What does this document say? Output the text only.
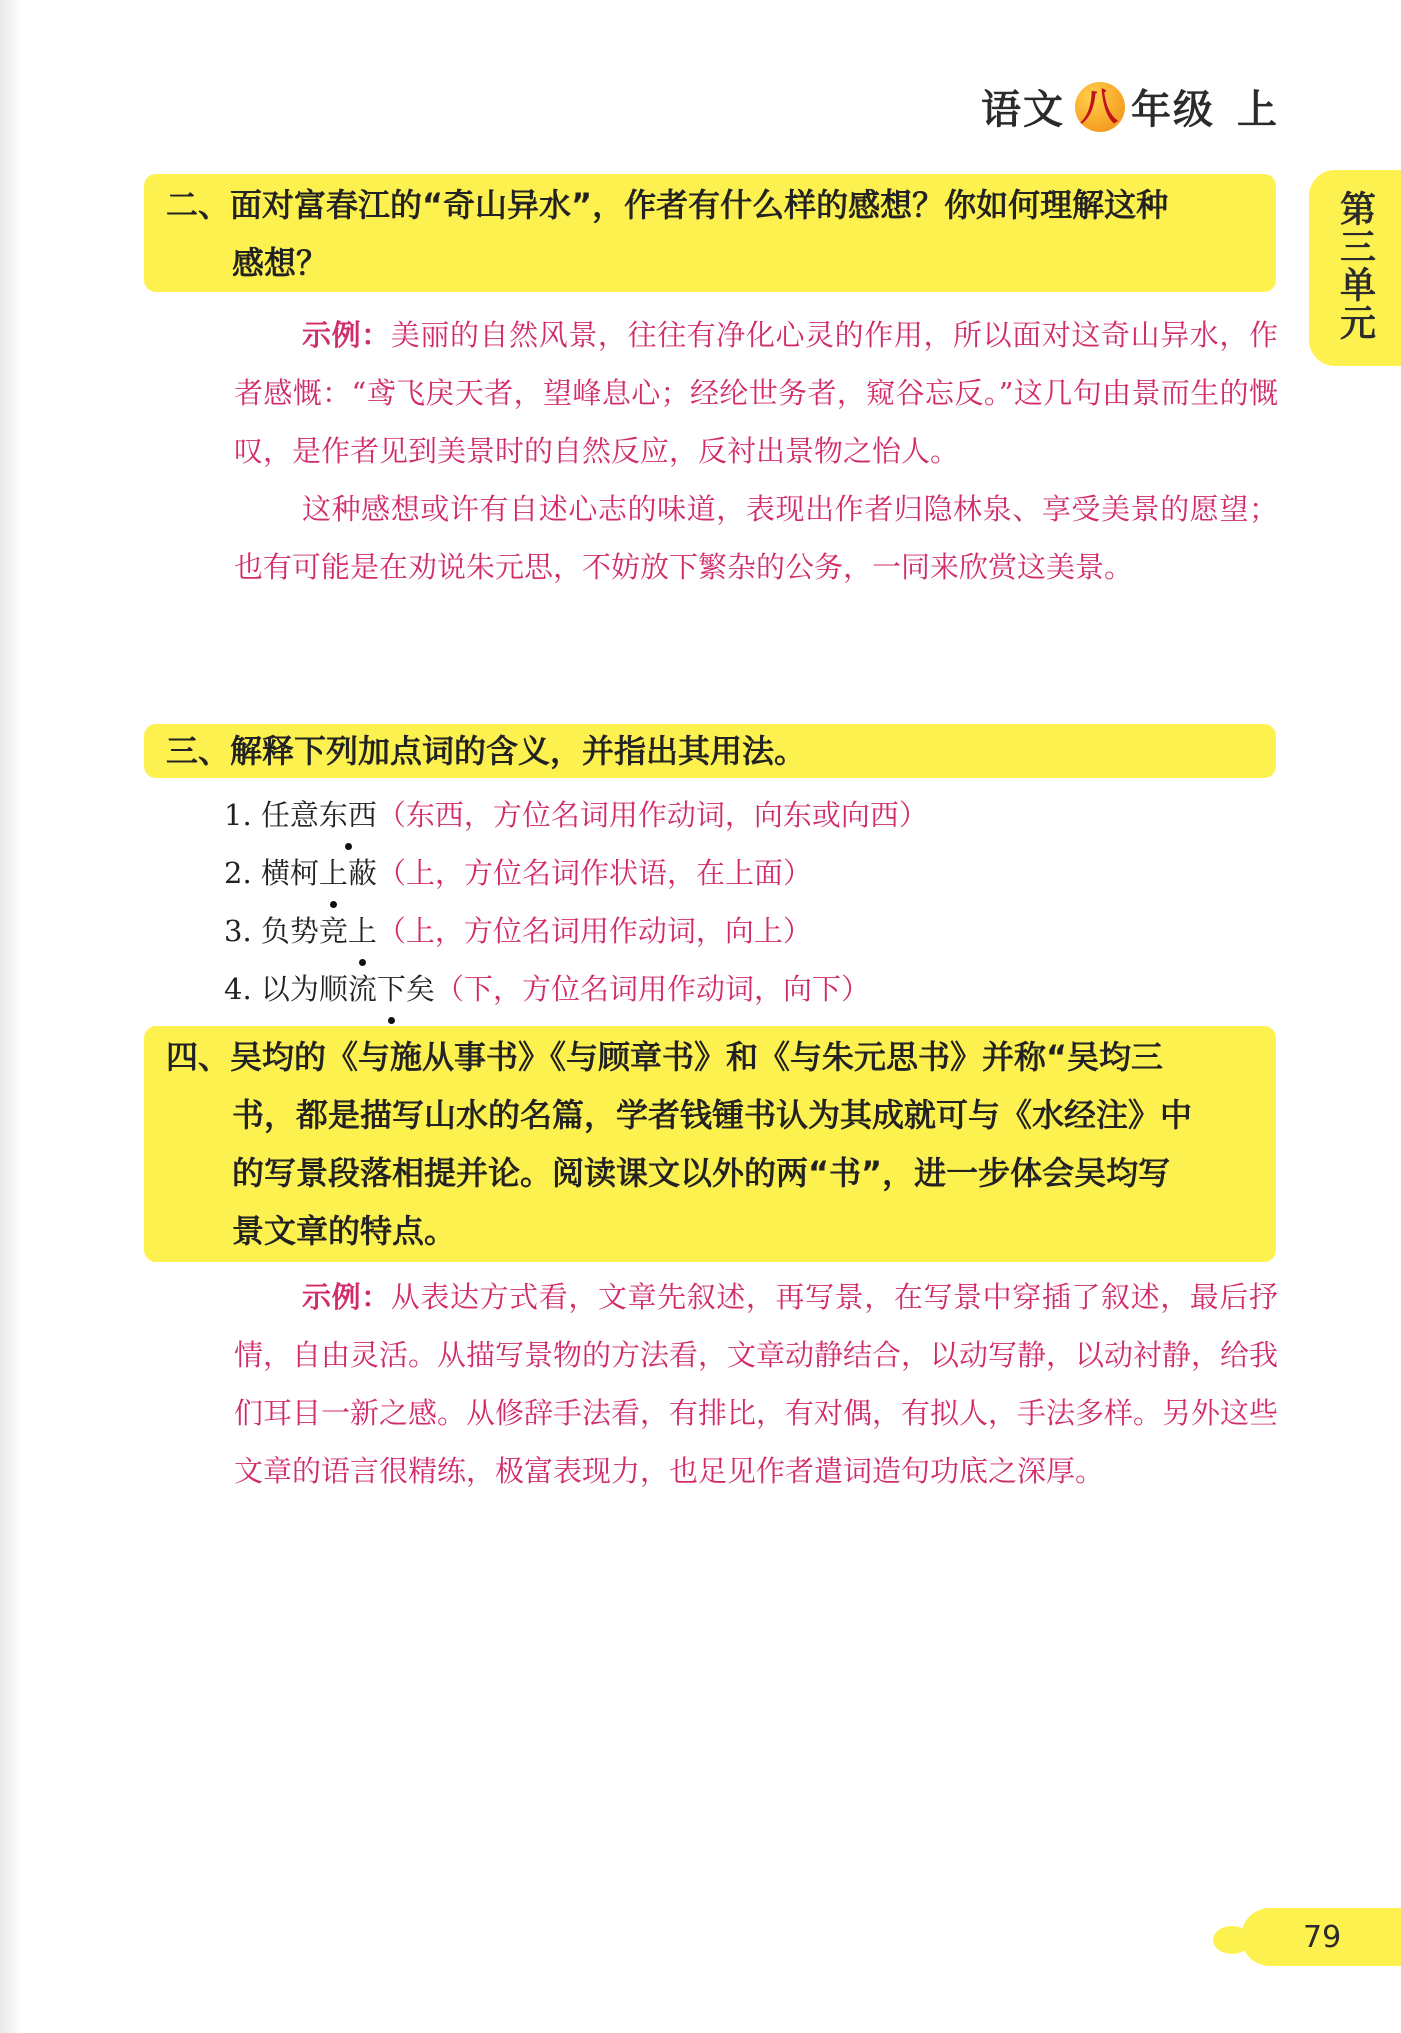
语文 八 年级 上
第三单元
二、面对富春江的“奇山异水”，作者有什么样的感想？你如何理解这种
感想？

示例：美丽的自然风景，往往有净化心灵的作用，所以面对这奇山异水，作者感慨：“鸢飞戾天者，望峰息心；经纶世务者，窥谷忘反。”这几句由景而生的慨叹，是作者见到美景时的自然反应，反衬出景物之怡人。

这种感想或许有自述心志的味道，表现出作者归隐林泉、享受美景的愿望；也有可能是在劝说朱元思，不妨放下繁杂的公务，一同来欣赏这美景。

三、解释下列加点词的含义，并指出其用法。
1. 任意东西（东西，方位名词用作动词，向东或向西）
2. 横柯上蔽（上，方位名词作状语，在上面）
3. 负势竞上（上，方位名词用作动词，向上）
4. 以为顺流下矣（下，方位名词用作动词，向下）
四、吴均的《与施从事书》《与顾章书》和《与朱元思书》并称“吴均三
书，都是描写山水的名篇，学者钱锺书认为其成就可与《水经注》中
的写景段落相提并论。阅读课文以外的两“书”，进一步体会吴均写
景文章的特点。

示例：从表达方式看，文章先叙述，再写景，在写景中穿插了叙述，最后抒情，自由灵活。从描写景物的方法看，文章动静结合，以动写静，以动衬静，给我们耳目一新之感。从修辞手法看，有排比，有对偶，有拟人，手法多样。另外这些文章的语言很精练，极富表现力，也足见作者遣词造句功底之深厚。

79
